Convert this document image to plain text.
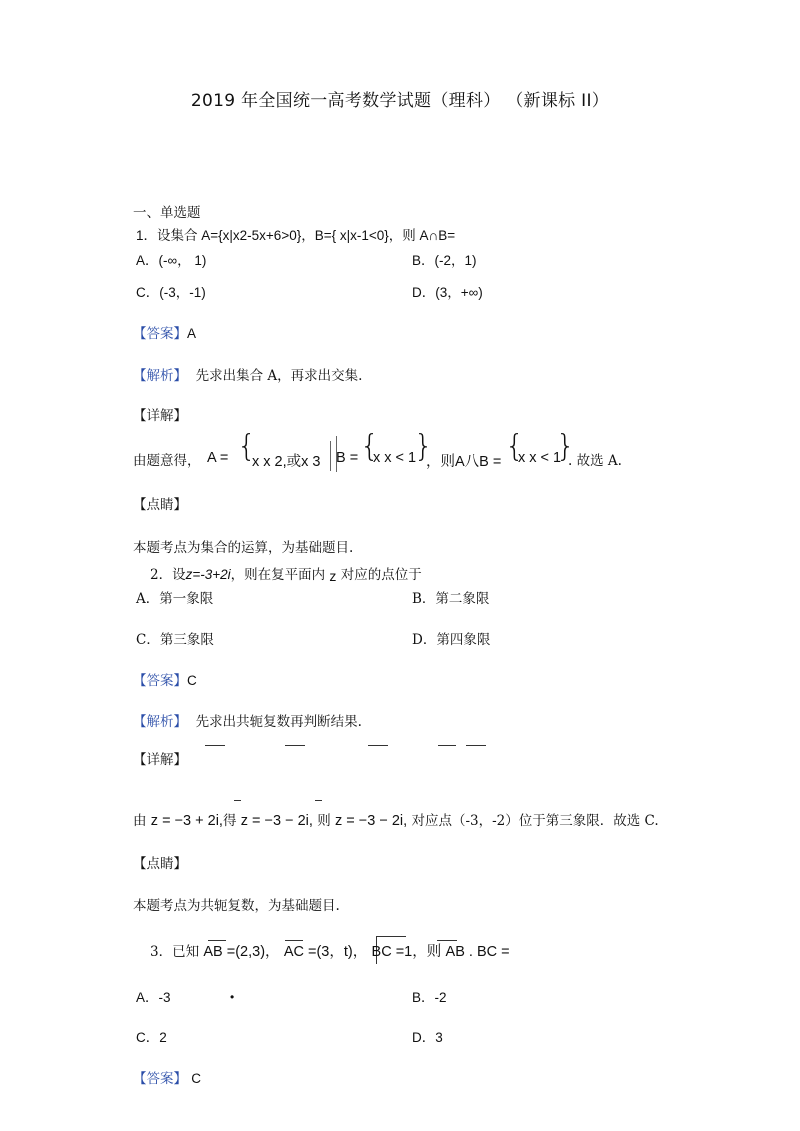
2019 年全国统一高考数学试题（理科） （新课标 II）
一、单选题
1．设集合 A={x|x2-5x+6>0}，B={ x|x-1<0}，则 A∩B=
A．(-∞， 1)	B．(-2，1)
C．(-3，-1)	D．(3，+∞)
【答案】A
【解析】 先求出集合 A，再求出交集.
【详解】
由题意得， A = {
x x 2,或x 3 B = {
x x < 1
}
，则A八B = {
x x < 1
}
. 故选 A.
【点睛】
本题考点为集合的运算，为基础题目.
2．设z=-3+2i，则在复平面内 z 对应的点位于
A．第一象限	B．第二象限
C．第三象限	D．第四象限
【答案】C
【解析】 先求出共轭复数再判断结果.
【详解】
由 z = −3 + 2i,得 z = −3 − 2i, 则 z = −3 − 2i, 对应点（-3，-2）位于第三象限．故选 C.
【点睛】
本题考点为共轭复数，为基础题目.
3．已知 AB =(2,3)， AC =(3，t)， BC =1，则 AB . BC =
A．-3	•	B．-2
C．2	D．3
【答案】 C
